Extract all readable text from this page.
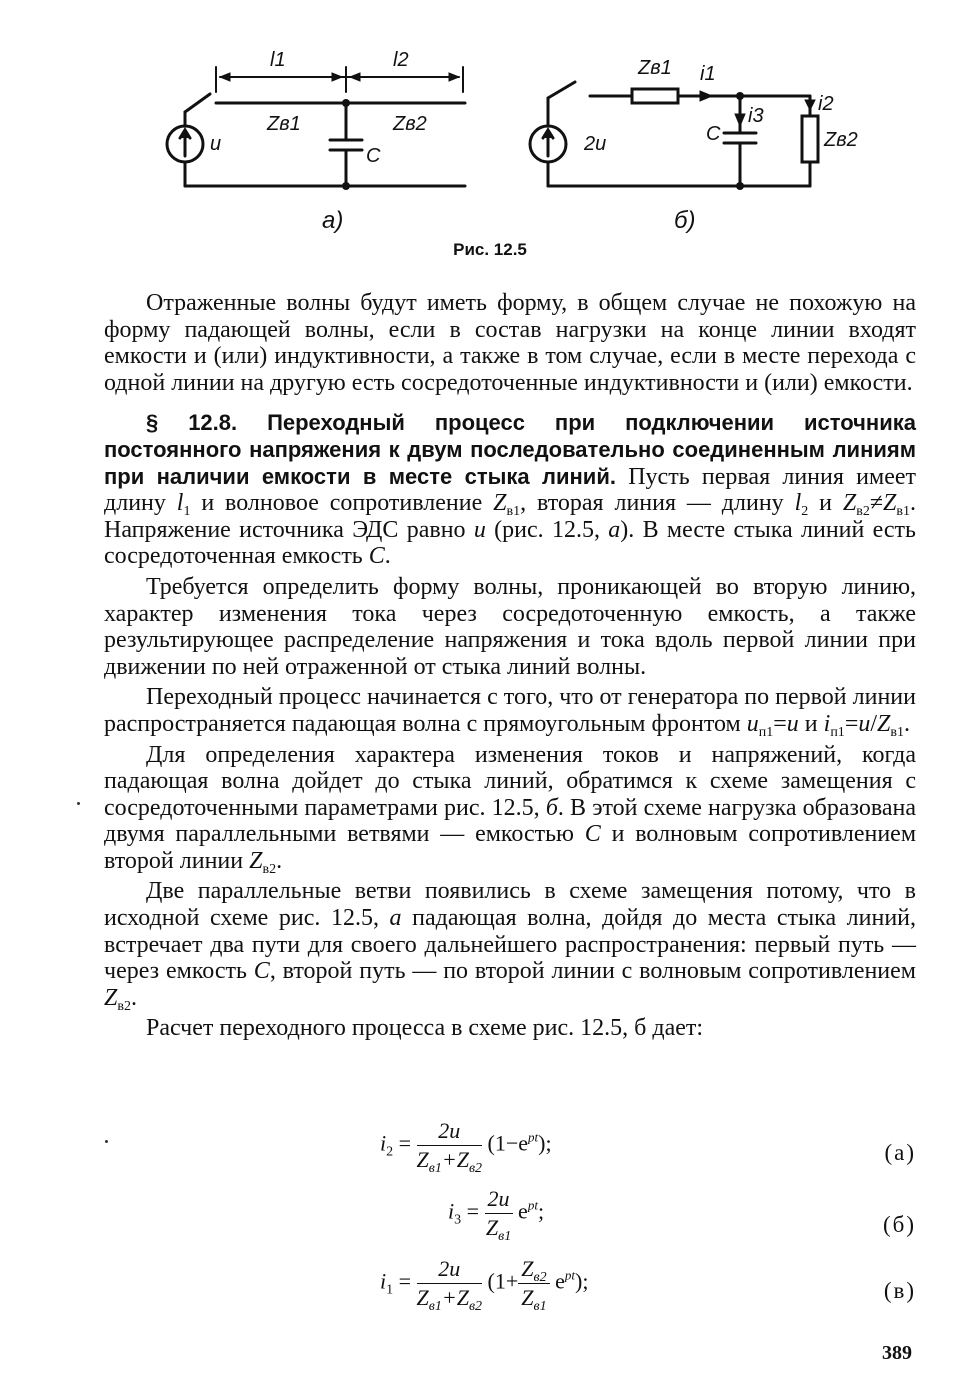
l1	l2
u
Zв1	Zв2
C
а)
2u
Zв1 i1
i3
C
i2
Zв2
б)
Рис. 12.5

Отраженные волны будут иметь форму, в общем случае не похожую на форму падающей волны, если в состав нагрузки на конце линии входят емкости и (или) индуктивности, а также в том случае, если в месте перехода с одной линии на другую есть сосредоточенные индуктивности и (или) емкости.

§ 12.8. Переходный процесс при подключении источника постоянного напряжения к двум последовательно соединенным линиям при наличии емкости в месте стыка линий. Пусть первая линия имеет длину $l_1$ и волновое сопротивление $Z_{в1}$, вторая линия — длину $l_2$ и $Z_{в2}\ne Z_{в1}$. Напряжение источника ЭДС равно u (рис. 12.5, а). В месте стыка линий есть сосредоточенная емкость C.

Требуется определить форму волны, проникающей во вторую линию, характер изменения тока через сосредоточенную емкость, а также результирующее распределение напряжения и тока вдоль первой линии при движении по ней отраженной от стыка линий волны.

Переходный процесс начинается с того, что от генератора по первой линии распространяется падающая волна с прямоугольным фронтом $u_{п1}=u$ и $i_{п1}=u/Z_{в1}$.

Для определения характера изменения токов и напряжений, когда падающая волна дойдет до стыка линий, обратимся к схеме замещения с сосредоточенными параметрами рис. 12.5, б. В этой схеме нагрузка образована двумя параллельными ветвями — емкостью C и волновым сопротивлением второй линии $Z_{в2}$.

Две параллельные ветви появились в схеме замещения потому, что в исходной схеме рис. 12.5, а падающая волна, дойдя до места стыка линий, встречает два пути для своего дальнейшего распространения: первый путь — через емкость C, второй путь — по второй линии с волновым сопротивлением $Z_{в2}$.

Расчет переходного процесса в схеме рис. 12.5, б дает:

$i_2 = \frac{2u}{Z_{в1}+Z_{в2}} (1-e^{pt})$;	(а)
$i_3 = \frac{2u}{Z_{в1}} e^{pt}$;
(б)
$i_1 = \frac{2u}{Z_{в1}+Z_{в2}} (1+ \frac{Z_{в2}}{Z_{в1}} e^{pt})$;	(в)
389
